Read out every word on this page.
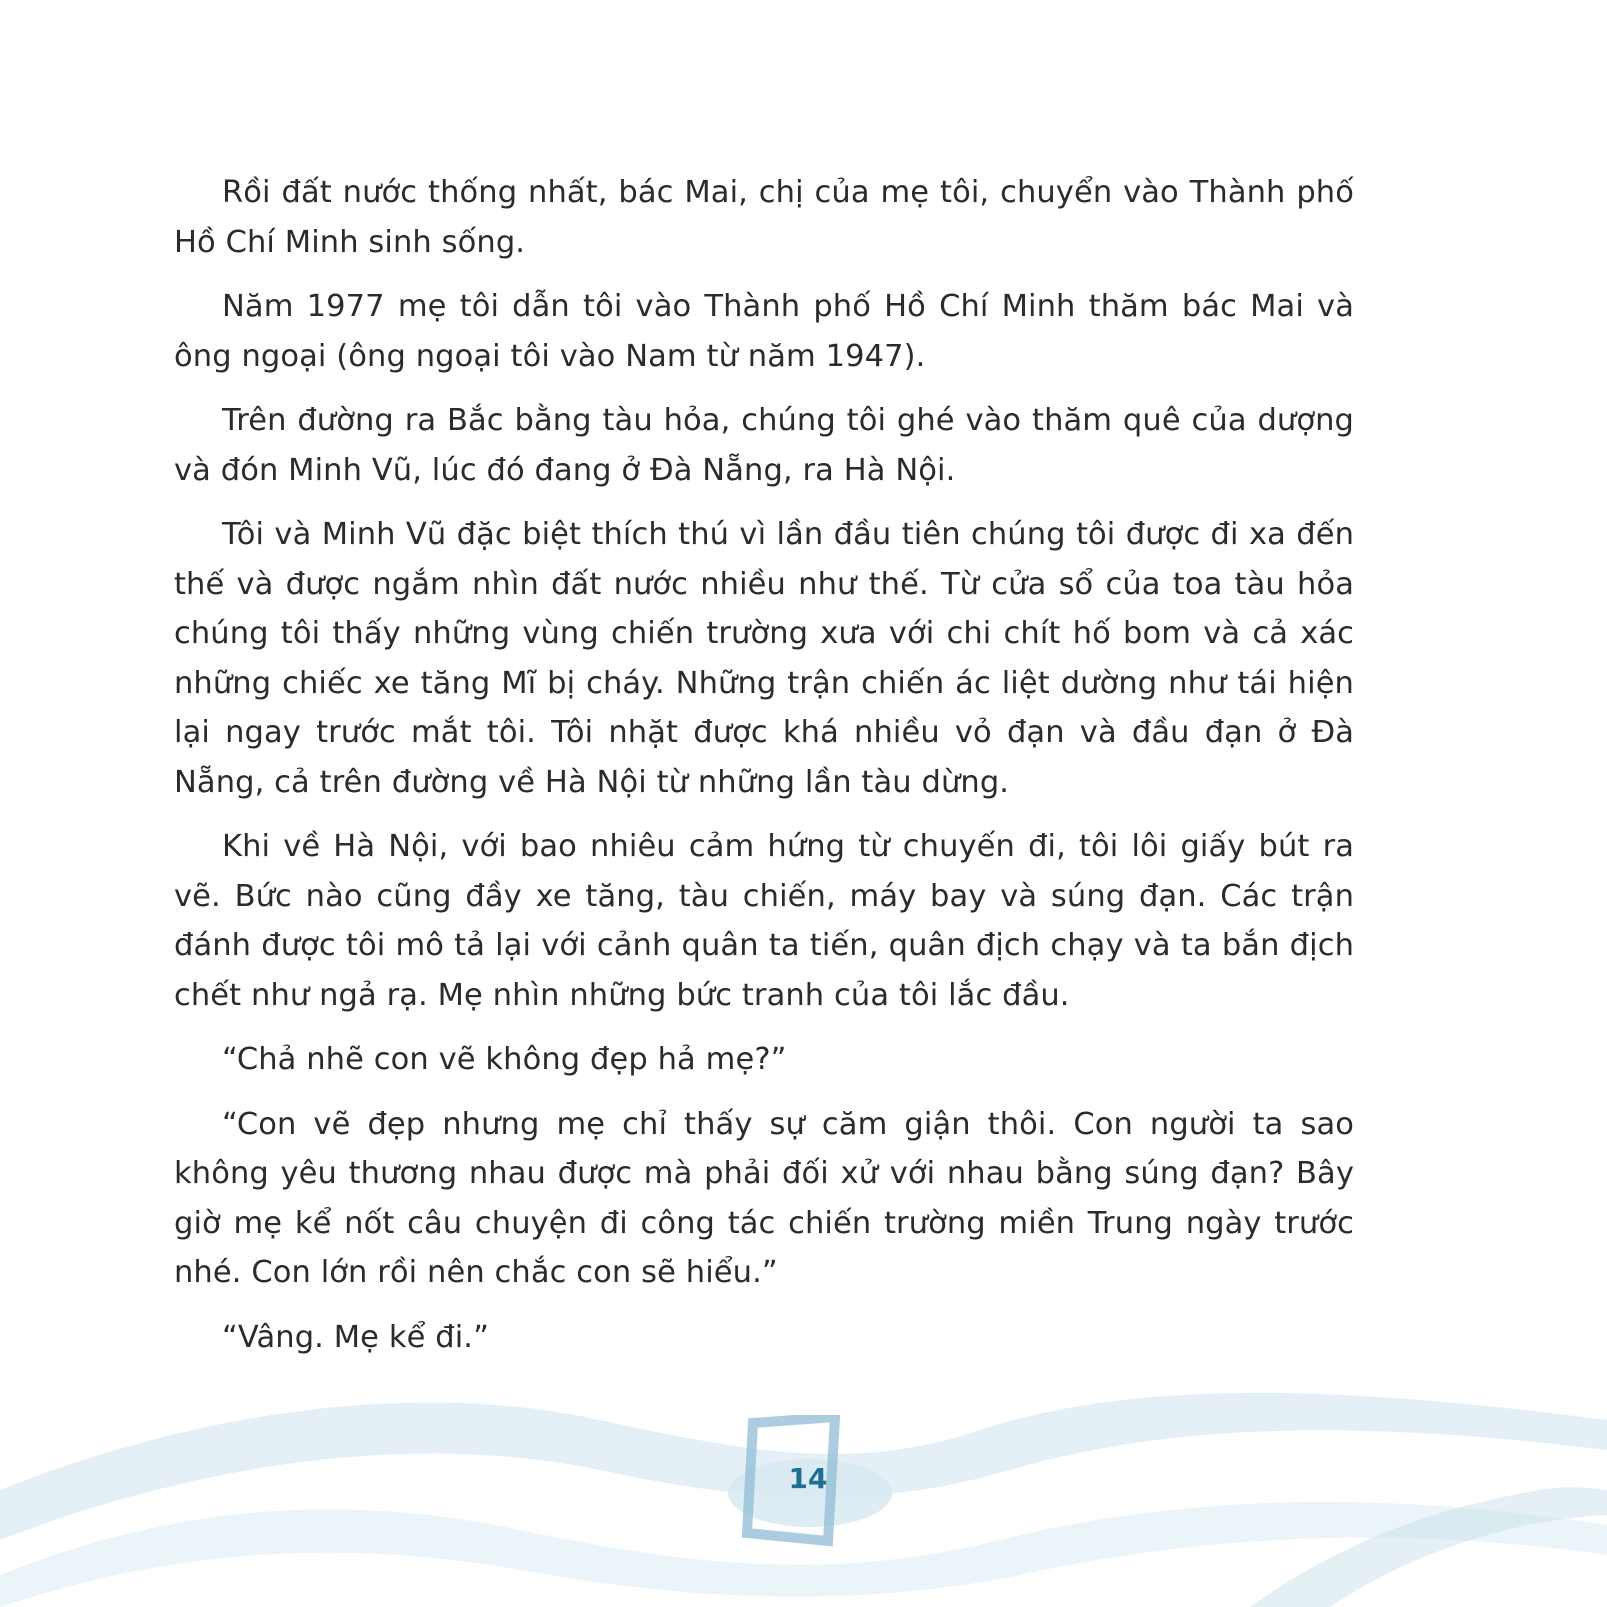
Rồi đất nước thống nhất, bác Mai, chị của mẹ tôi, chuyển vào Thành phố Hồ Chí Minh sinh sống.

Năm 1977 mẹ tôi dẫn tôi vào Thành phố Hồ Chí Minh thăm bác Mai và ông ngoại (ông ngoại tôi vào Nam từ năm 1947).

Trên đường ra Bắc bằng tàu hỏa, chúng tôi ghé vào thăm quê của dượng và đón Minh Vũ, lúc đó đang ở Đà Nẵng, ra Hà Nội.

Tôi và Minh Vũ đặc biệt thích thú vì lần đầu tiên chúng tôi được đi xa đến thế và được ngắm nhìn đất nước nhiều như thế. Từ cửa sổ của toa tàu hỏa chúng tôi thấy những vùng chiến trường xưa với chi chít hố bom và cả xác những chiếc xe tăng Mĩ bị cháy. Những trận chiến ác liệt dường như tái hiện lại ngay trước mắt tôi. Tôi nhặt được khá nhiều vỏ đạn và đầu đạn ở Đà Nẵng, cả trên đường về Hà Nội từ những lần tàu dừng.

Khi về Hà Nội, với bao nhiêu cảm hứng từ chuyến đi, tôi lôi giấy bút ra vẽ. Bức nào cũng đầy xe tăng, tàu chiến, máy bay và súng đạn. Các trận đánh được tôi mô tả lại với cảnh quân ta tiến, quân địch chạy và ta bắn địch chết như ngả rạ. Mẹ nhìn những bức tranh của tôi lắc đầu.

“Chả nhẽ con vẽ không đẹp hả mẹ?”

“Con vẽ đẹp nhưng mẹ chỉ thấy sự căm giận thôi. Con người ta sao không yêu thương nhau được mà phải đối xử với nhau bằng súng đạn? Bây giờ mẹ kể nốt câu chuyện đi công tác chiến trường miền Trung ngày trước nhé. Con lớn rồi nên chắc con sẽ hiểu.”

“Vâng. Mẹ kể đi.”

14
